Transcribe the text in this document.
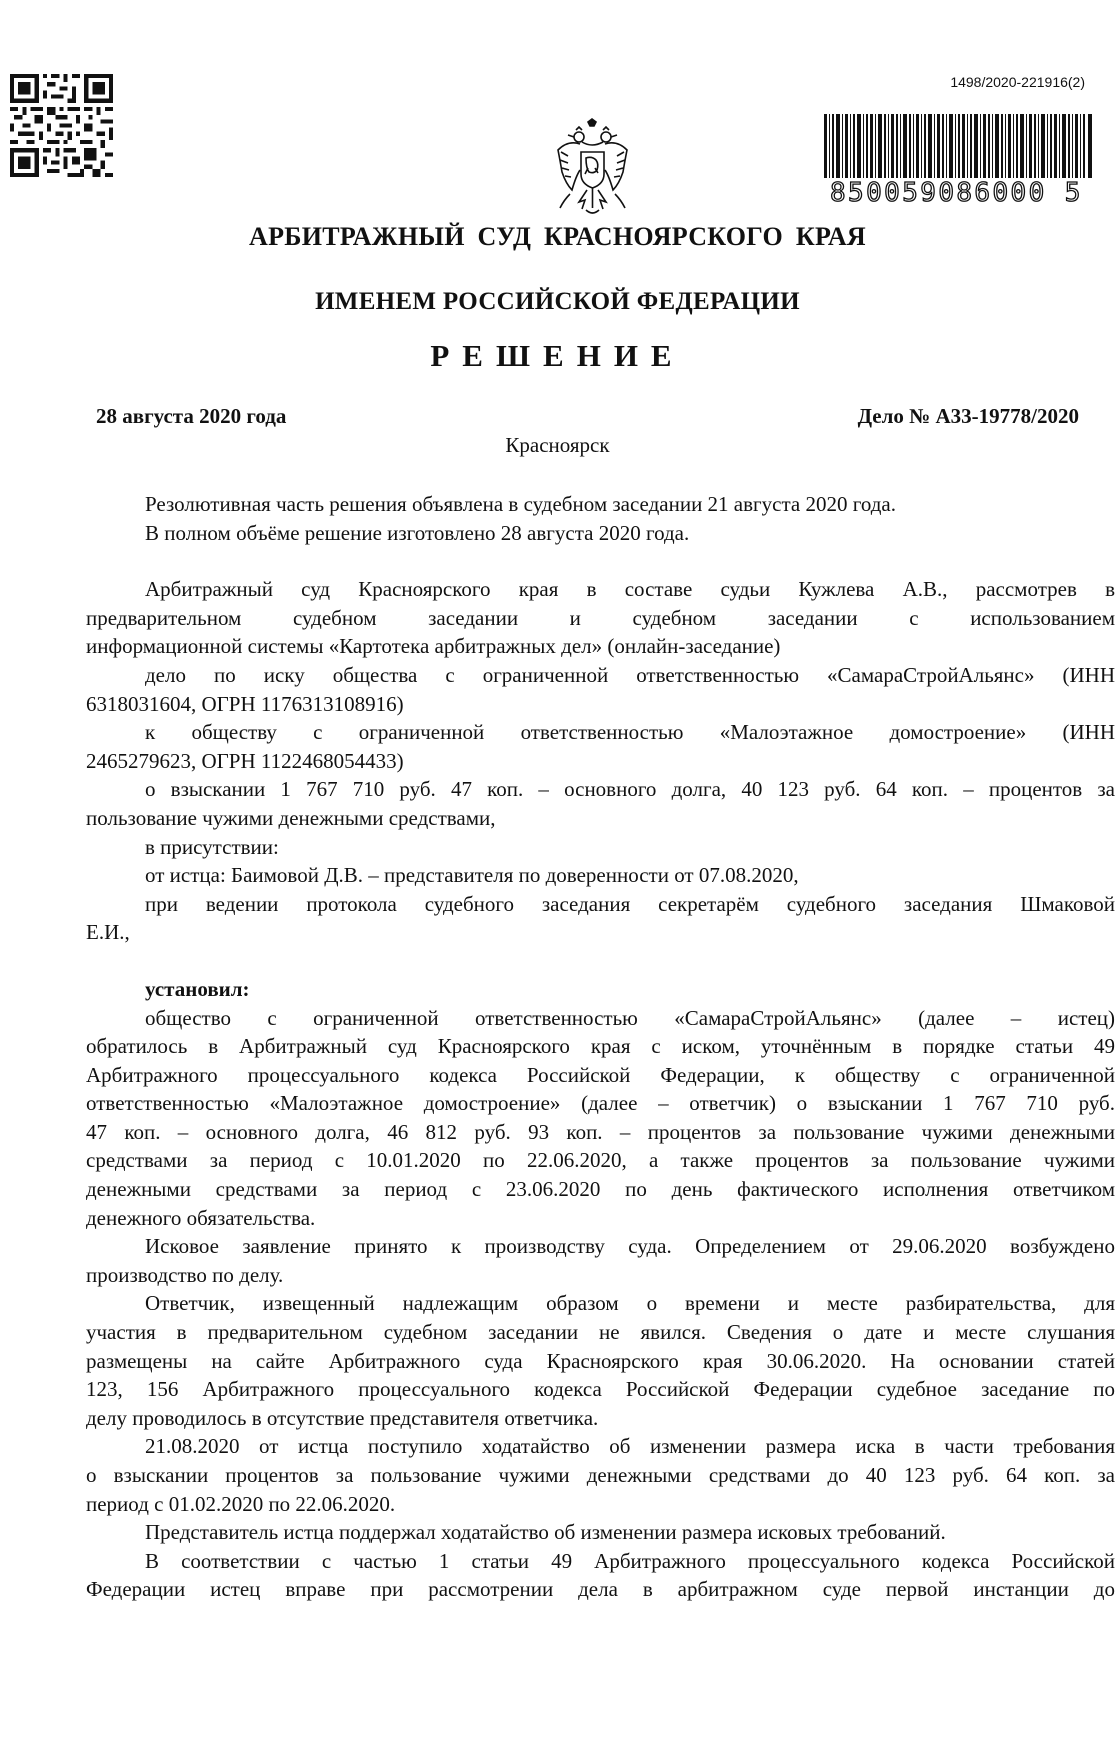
1498/2020-221916(2)
850059086000 5
АРБИТРАЖНЫЙ СУД КРАСНОЯРСКОГО КРАЯ
ИМЕНЕМ РОССИЙСКОЙ ФЕДЕРАЦИИ
РЕШЕНИЕ
28 августа 2020 года	Дело № А33-19778/2020
Красноярск

Резолютивная часть решения объявлена в судебном заседании 21 августа 2020 года.

В полном объёме решение изготовлено 28 августа 2020 года.

Арбитражный суд Красноярского края в составе судьи Кужлева А.В., рассмотрев в

предварительном судебном заседании и судебном заседании с использованием

информационной системы «Картотека арбитражных дел» (онлайн-заседание)

дело по иску общества с ограниченной ответственностью «СамараСтройАльянс» (ИНН

6318031604, ОГРН 1176313108916)

к обществу с ограниченной ответственностью «Малоэтажное домостроение» (ИНН

2465279623, ОГРН 1122468054433)

о взыскании 1 767 710 руб. 47 коп. – основного долга, 40 123 руб. 64 коп. – процентов за

пользование чужими денежными средствами,

в присутствии:

от истца: Баимовой Д.В. – представителя по доверенности от 07.08.2020,

при ведении протокола судебного заседания секретарём судебного заседания Шмаковой

Е.И.,

установил:

общество с ограниченной ответственностью «СамараСтройАльянс» (далее – истец)

обратилось в Арбитражный суд Красноярского края с иском, уточнённым в порядке статьи 49

Арбитражного процессуального кодекса Российской Федерации, к обществу с ограниченной

ответственностью «Малоэтажное домостроение» (далее – ответчик) о взыскании 1 767 710 руб.

47 коп. – основного долга, 46 812 руб. 93 коп. – процентов за пользование чужими денежными

средствами за период с 10.01.2020 по 22.06.2020, а также процентов за пользование чужими

денежными средствами за период с 23.06.2020 по день фактического исполнения ответчиком

денежного обязательства.

Исковое заявление принято к производству суда. Определением от 29.06.2020 возбуждено

производство по делу.

Ответчик, извещенный надлежащим образом о времени и месте разбирательства, для

участия в предварительном судебном заседании не явился. Сведения о дате и месте слушания

размещены на сайте Арбитражного суда Красноярского края 30.06.2020. На основании статей

123, 156 Арбитражного процессуального кодекса Российской Федерации судебное заседание по

делу проводилось в отсутствие представителя ответчика.

21.08.2020 от истца поступило ходатайство об изменении размера иска в части требования

о взыскании процентов за пользование чужими денежными средствами до 40 123 руб. 64 коп. за

период с 01.02.2020 по 22.06.2020.

Представитель истца поддержал ходатайство об изменении размера исковых требований.

В соответствии с частью 1 статьи 49 Арбитражного процессуального кодекса Российской

Федерации истец вправе при рассмотрении дела в арбитражном суде первой инстанции до
